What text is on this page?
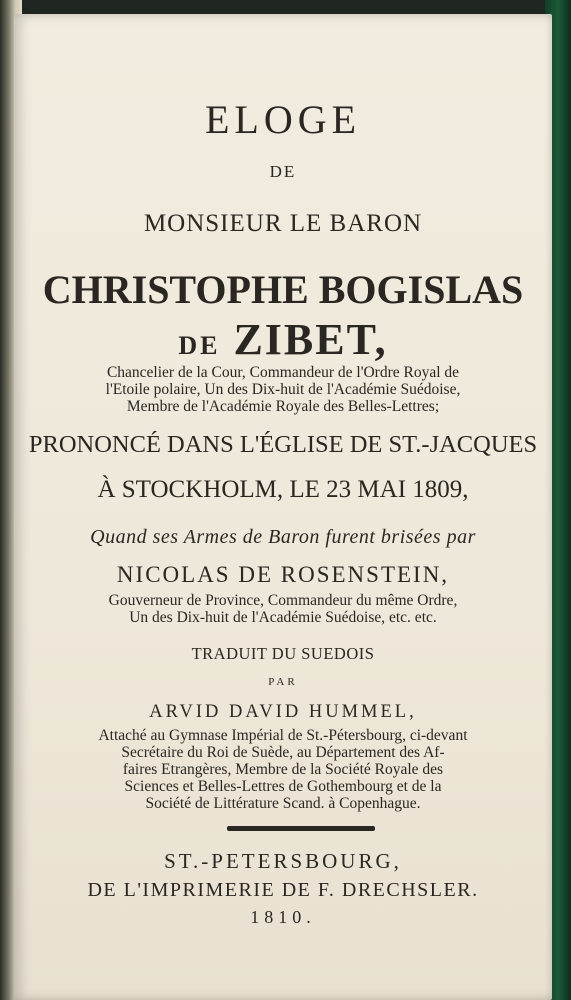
ELOGE
DE
MONSIEUR LE BARON
CHRISTOPHE BOGISLAS
DE ZIBET,
Chancelier de la Cour, Commandeur de l'Ordre Royal de
l'Etoile polaire, Un des Dix-huit de l'Académie Suédoise,
Membre de l'Académie Royale des Belles-Lettres;
PRONONCÉ DANS L'ÉGLISE DE ST.-JACQUES
À STOCKHOLM, LE 23 MAI 1809,
Quand ses Armes de Baron furent brisées par
NICOLAS DE ROSENSTEIN,
Gouverneur de Province, Commandeur du même Ordre,
Un des Dix-huit de l'Académie Suédoise, etc. etc.
TRADUIT DU SUEDOIS
PAR
ARVID DAVID HUMMEL,
Attaché au Gymnase Impérial de St.-Pétersbourg, ci-devant
Secrétaire du Roi de Suède, au Département des Af-
faires Etrangères, Membre de la Société Royale des
Sciences et Belles-Lettres de Gothembourg et de la
Société de Littérature Scand. à Copenhague.
ST.-PETERSBOURG,
DE L'IMPRIMERIE DE F. DRECHSLER.
1810.
